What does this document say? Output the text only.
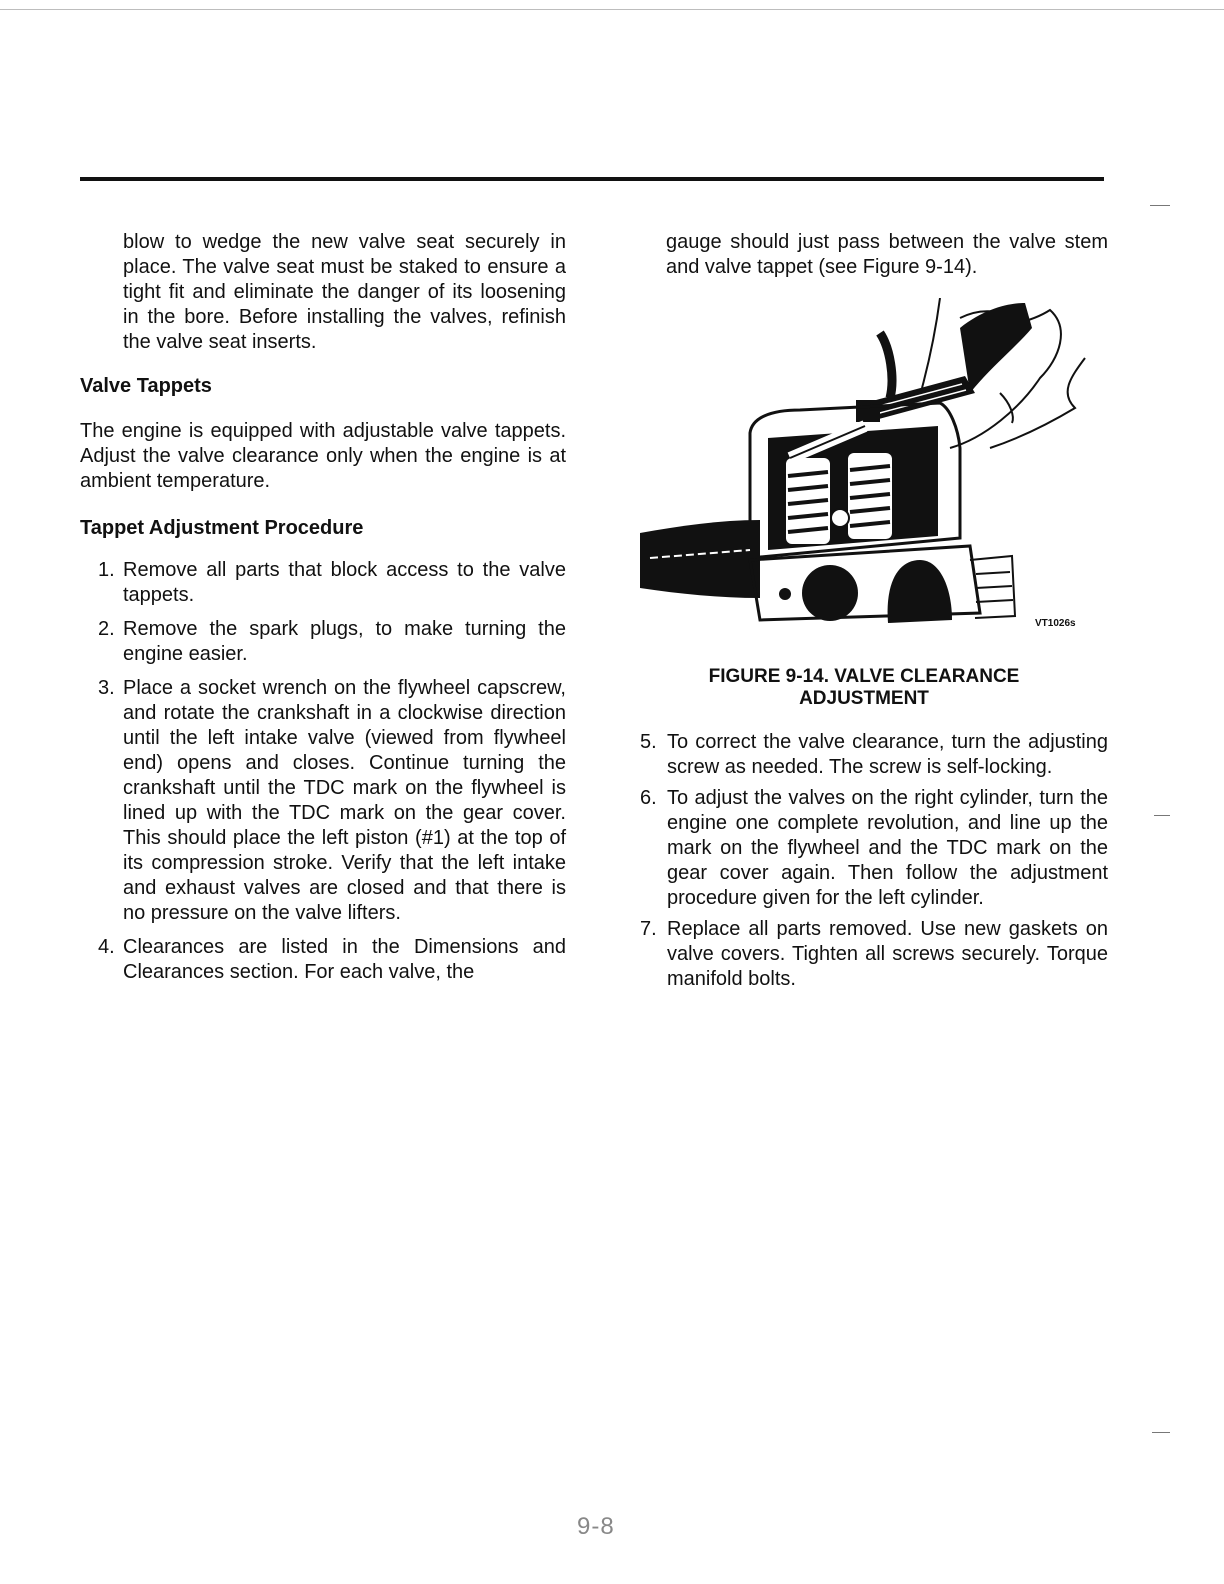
blow to wedge the new valve seat securely in place. The valve seat must be staked to ensure a tight fit and eliminate the danger of its loosening in the bore. Before installing the valves, refinish the valve seat inserts.

Valve Tappets

The engine is equipped with adjustable valve tappets. Adjust the valve clearance only when the engine is at ambient temperature.

Tappet Adjustment Procedure
1. Remove all parts that block access to the valve tappets.
2. Remove the spark plugs, to make turning the engine easier.
3. Place a socket wrench on the flywheel capscrew, and rotate the crankshaft in a clockwise direction until the left intake valve (viewed from flywheel end) opens and closes. Continue turning the crankshaft until the TDC mark on the flywheel is lined up with the TDC mark on the gear cover. This should place the left piston (#1) at the top of its compression stroke. Verify that the left intake and exhaust valves are closed and that there is no pressure on the valve lifters.
4. Clearances are listed in the Dimensions and Clearances section. For each valve, the

gauge should just pass between the valve stem and valve tappet (see Figure 9-14).

VT1026s
FIGURE 9-14. VALVE CLEARANCE
ADJUSTMENT
5. To correct the valve clearance, turn the adjusting screw as needed. The screw is self-locking.
6. To adjust the valves on the right cylinder, turn the engine one complete revolution, and line up the mark on the flywheel and the TDC mark on the gear cover again. Then follow the adjustment procedure given for the left cylinder.
7. Replace all parts removed. Use new gaskets on valve covers. Tighten all screws securely. Torque manifold bolts.
9-8
